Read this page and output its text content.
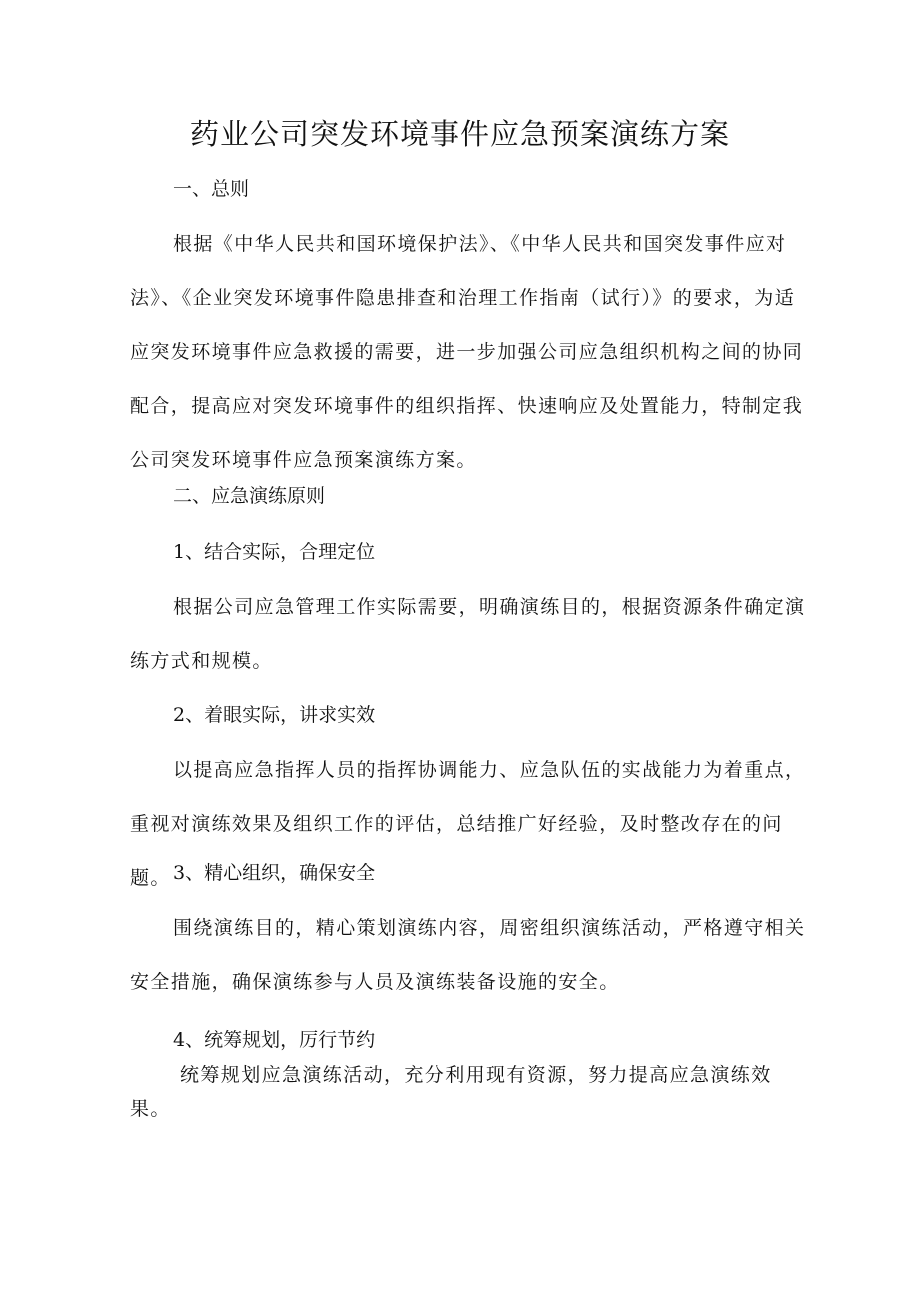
药业公司突发环境事件应急预案演练方案
一、总则

根据《中华人民共和国环境保护法》、《中华人民共和国突发事件应对法》、《企业突发环境事件隐患排查和治理工作指南（试行）》的要求，为适应突发环境事件应急救援的需要，进一步加强公司应急组织机构之间的协同配合，提高应对突发环境事件的组织指挥、快速响应及处置能力，特制定我公司突发环境事件应急预案演练方案。

二、应急演练原则
1、结合实际，合理定位

根据公司应急管理工作实际需要，明确演练目的，根据资源条件确定演练方式和规模。

2、着眼实际，讲求实效

以提高应急指挥人员的指挥协调能力、应急队伍的实战能力为着重点，重视对演练效果及组织工作的评估，总结推广好经验，及时整改存在的问题。 3、精心组织，确保安全

围绕演练目的，精心策划演练内容，周密组织演练活动，严格遵守相关安全措施，确保演练参与人员及演练装备设施的安全。

4、统筹规划，厉行节约

统筹规划应急演练活动，充分利用现有资源，努力提高应急演练效果。
